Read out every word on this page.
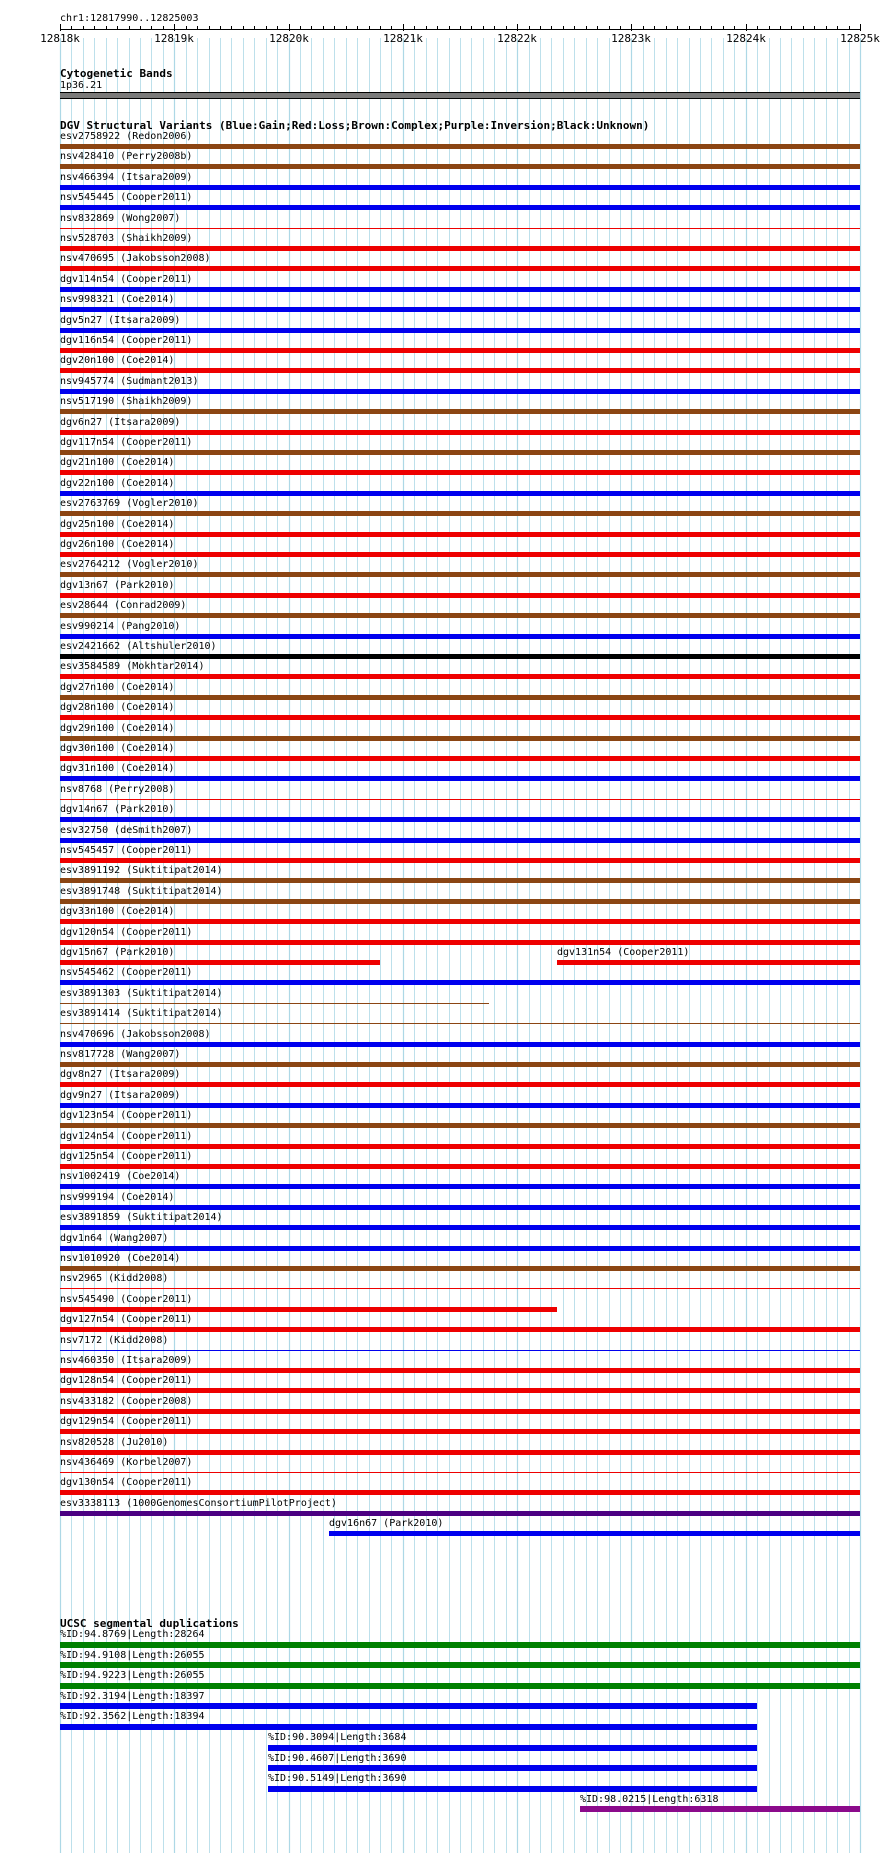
chr1:12817990..12825003
12818k	12819k	12820k	12821k	12822k	12823k	12824k	12825k
Cytogenetic Bands
1p36.21
DGV Structural Variants (Blue:Gain;Red:Loss;Brown:Complex;Purple:Inversion;Black:Unknown)
esv2758922 (Redon2006)
nsv428410 (Perry2008b)
nsv466394 (Itsara2009)
nsv545445 (Cooper2011)
nsv832869 (Wong2007)
nsv528703 (Shaikh2009)
nsv470695 (Jakobsson2008)
dgv114n54 (Cooper2011)
nsv998321 (Coe2014)
dgv5n27 (Itsara2009)
dgv116n54 (Cooper2011)
dgv20n100 (Coe2014)
nsv945774 (Sudmant2013)
nsv517190 (Shaikh2009)
dgv6n27 (Itsara2009)
dgv117n54 (Cooper2011)
dgv21n100 (Coe2014)
dgv22n100 (Coe2014)
esv2763769 (Vogler2010)
dgv25n100 (Coe2014)
dgv26n100 (Coe2014)
esv2764212 (Vogler2010)
dgv13n67 (Park2010)
esv28644 (Conrad2009)
esv990214 (Pang2010)
esv2421662 (Altshuler2010)
esv3584589 (Mokhtar2014)
dgv27n100 (Coe2014)
dgv28n100 (Coe2014)
dgv29n100 (Coe2014)
dgv30n100 (Coe2014)
dgv31n100 (Coe2014)
nsv8768 (Perry2008)
dgv14n67 (Park2010)
esv32750 (deSmith2007)
nsv545457 (Cooper2011)
esv3891192 (Suktitipat2014)
esv3891748 (Suktitipat2014)
dgv33n100 (Coe2014)
dgv120n54 (Cooper2011)
dgv15n67 (Park2010)	dgv131n54 (Cooper2011)
nsv545462 (Cooper2011)
esv3891303 (Suktitipat2014)
esv3891414 (Suktitipat2014)
nsv470696 (Jakobsson2008)
nsv817728 (Wang2007)
dgv8n27 (Itsara2009)
dgv9n27 (Itsara2009)
dgv123n54 (Cooper2011)
dgv124n54 (Cooper2011)
dgv125n54 (Cooper2011)
nsv1002419 (Coe2014)
nsv999194 (Coe2014)
esv3891859 (Suktitipat2014)
dgv1n64 (Wang2007)
nsv1010920 (Coe2014)
nsv2965 (Kidd2008)
nsv545490 (Cooper2011)
dgv127n54 (Cooper2011)
nsv7172 (Kidd2008)
nsv460350 (Itsara2009)
dgv128n54 (Cooper2011)
nsv433182 (Cooper2008)
dgv129n54 (Cooper2011)
nsv820528 (Ju2010)
nsv436469 (Korbel2007)
dgv130n54 (Cooper2011)
esv3338113 (1000GenomesConsortiumPilotProject)
dgv16n67 (Park2010)
UCSC segmental duplications
%ID:94.8769|Length:28264
%ID:94.9108|Length:26055
%ID:94.9223|Length:26055
%ID:92.3194|Length:18397
%ID:92.3562|Length:18394
%ID:90.3094|Length:3684
%ID:90.4607|Length:3690
%ID:90.5149|Length:3690
%ID:98.0215|Length:6318
